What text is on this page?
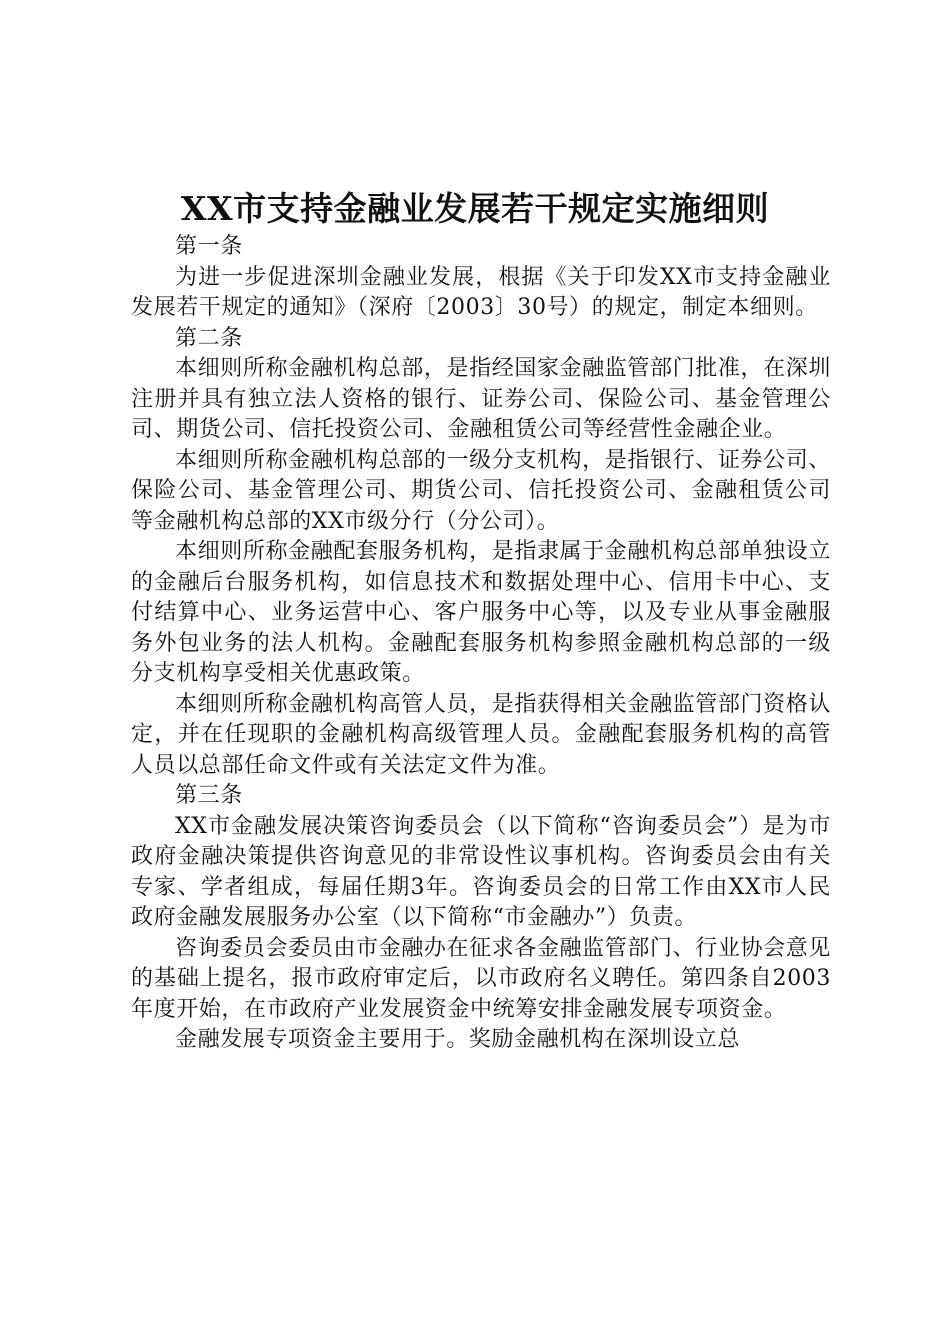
XX市支持金融业发展若干规定实施细则

第一条

为进一步促进深圳金融业发展，根据《关于印发XX市支持金融业发展若干规定的通知》（深府〔2003〕30号）的规定，制定本细则。

第二条

本细则所称金融机构总部，是指经国家金融监管部门批准，在深圳注册并具有独立法人资格的银行、证券公司、保险公司、基金管理公司、期货公司、信托投资公司、金融租赁公司等经营性金融企业。

本细则所称金融机构总部的一级分支机构，是指银行、证券公司、保险公司、基金管理公司、期货公司、信托投资公司、金融租赁公司等金融机构总部的XX市级分行（分公司）。

本细则所称金融配套服务机构，是指隶属于金融机构总部单独设立的金融后台服务机构，如信息技术和数据处理中心、信用卡中心、支付结算中心、业务运营中心、客户服务中心等，以及专业从事金融服务外包业务的法人机构。金融配套服务机构参照金融机构总部的一级分支机构享受相关优惠政策。

本细则所称金融机构高管人员，是指获得相关金融监管部门资格认定，并在任现职的金融机构高级管理人员。金融配套服务机构的高管人员以总部任命文件或有关法定文件为准。

第三条

XX市金融发展决策咨询委员会（以下简称“咨询委员会”）是为市政府金融决策提供咨询意见的非常设性议事机构。咨询委员会由有关专家、学者组成，每届任期3年。咨询委员会的日常工作由XX市人民政府金融发展服务办公室（以下简称“市金融办”）负责。

咨询委员会委员由市金融办在征求各金融监管部门、行业协会意见的基础上提名，报市政府审定后，以市政府名义聘任。第四条自2003年度开始，在市政府产业发展资金中统筹安排金融发展专项资金。

金融发展专项资金主要用于。奖励金融机构在深圳设立总
